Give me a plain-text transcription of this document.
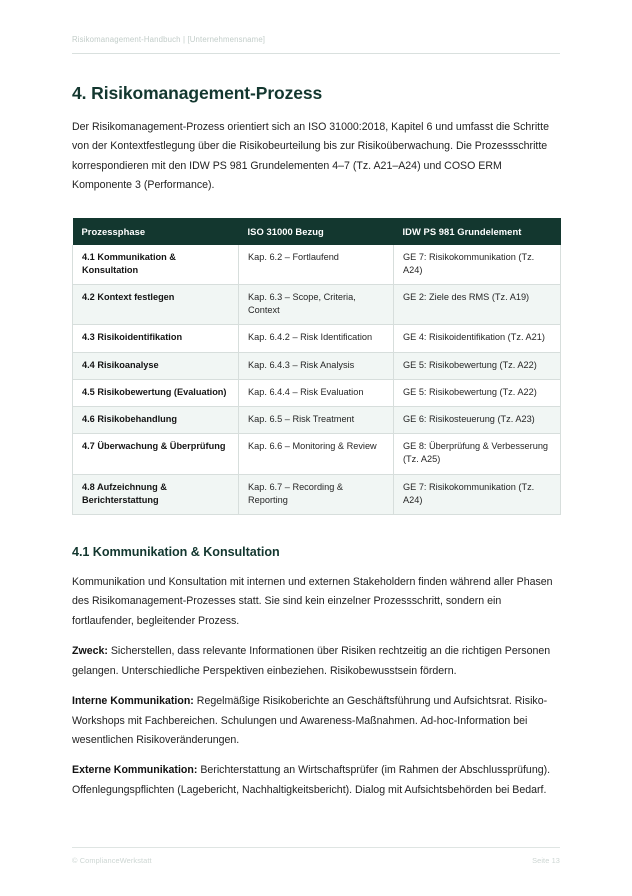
Risikomanagement-Handbuch | [Unternehmensname]
4. Risikomanagement-Prozess

Der Risikomanagement-Prozess orientiert sich an ISO 31000:2018, Kapitel 6 und umfasst die Schritte von der Kontextfestlegung über die Risikobeurteilung bis zur Risikoüberwachung. Die Prozessschritte korrespondieren mit den IDW PS 981 Grundelementen 4–7 (Tz. A21–A24) und COSO ERM Komponente 3 (Performance).

Prozessphase	ISO 31000 Bezug	IDW PS 981 Grundelement
4.1 Kommunikation & Konsultation	Kap. 6.2 – Fortlaufend	GE 7: Risikokommunikation (Tz. A24)
4.2 Kontext festlegen	Kap. 6.3 – Scope, Criteria, Context	GE 2: Ziele des RMS (Tz. A19)
4.3 Risikoidentifikation	Kap. 6.4.2 – Risk Identification	GE 4: Risikoidentifikation (Tz. A21)
4.4 Risikoanalyse	Kap. 6.4.3 – Risk Analysis	GE 5: Risikobewertung (Tz. A22)
4.5 Risikobewertung (Evaluation)	Kap. 6.4.4 – Risk Evaluation	GE 5: Risikobewertung (Tz. A22)
4.6 Risikobehandlung	Kap. 6.5 – Risk Treatment	GE 6: Risikosteuerung (Tz. A23)
4.7 Überwachung & Überprüfung	Kap. 6.6 – Monitoring & Review	GE 8: Überprüfung & Verbesserung (Tz. A25)
4.8 Aufzeichnung & Berichterstattung	Kap. 6.7 – Recording & Reporting	GE 7: Risikokommunikation (Tz. A24)
4.1 Kommunikation & Konsultation

Kommunikation und Konsultation mit internen und externen Stakeholdern finden während aller Phasen des Risikomanagement-Prozesses statt. Sie sind kein einzelner Prozessschritt, sondern ein fortlaufender, begleitender Prozess.

Zweck: Sicherstellen, dass relevante Informationen über Risiken rechtzeitig an die richtigen Personen gelangen. Unterschiedliche Perspektiven einbeziehen. Risikobewusstsein fördern.

Interne Kommunikation: Regelmäßige Risikoberichte an Geschäftsführung und Aufsichtsrat. Risiko-Workshops mit Fachbereichen. Schulungen und Awareness-Maßnahmen. Ad-hoc-Information bei wesentlichen Risikoveränderungen.

Externe Kommunikation: Berichterstattung an Wirtschaftsprüfer (im Rahmen der Abschlussprüfung). Offenlegungspflichten (Lagebericht, Nachhaltigkeitsbericht). Dialog mit Aufsichtsbehörden bei Bedarf.

© ComplianceWerkstatt	Seite 13
